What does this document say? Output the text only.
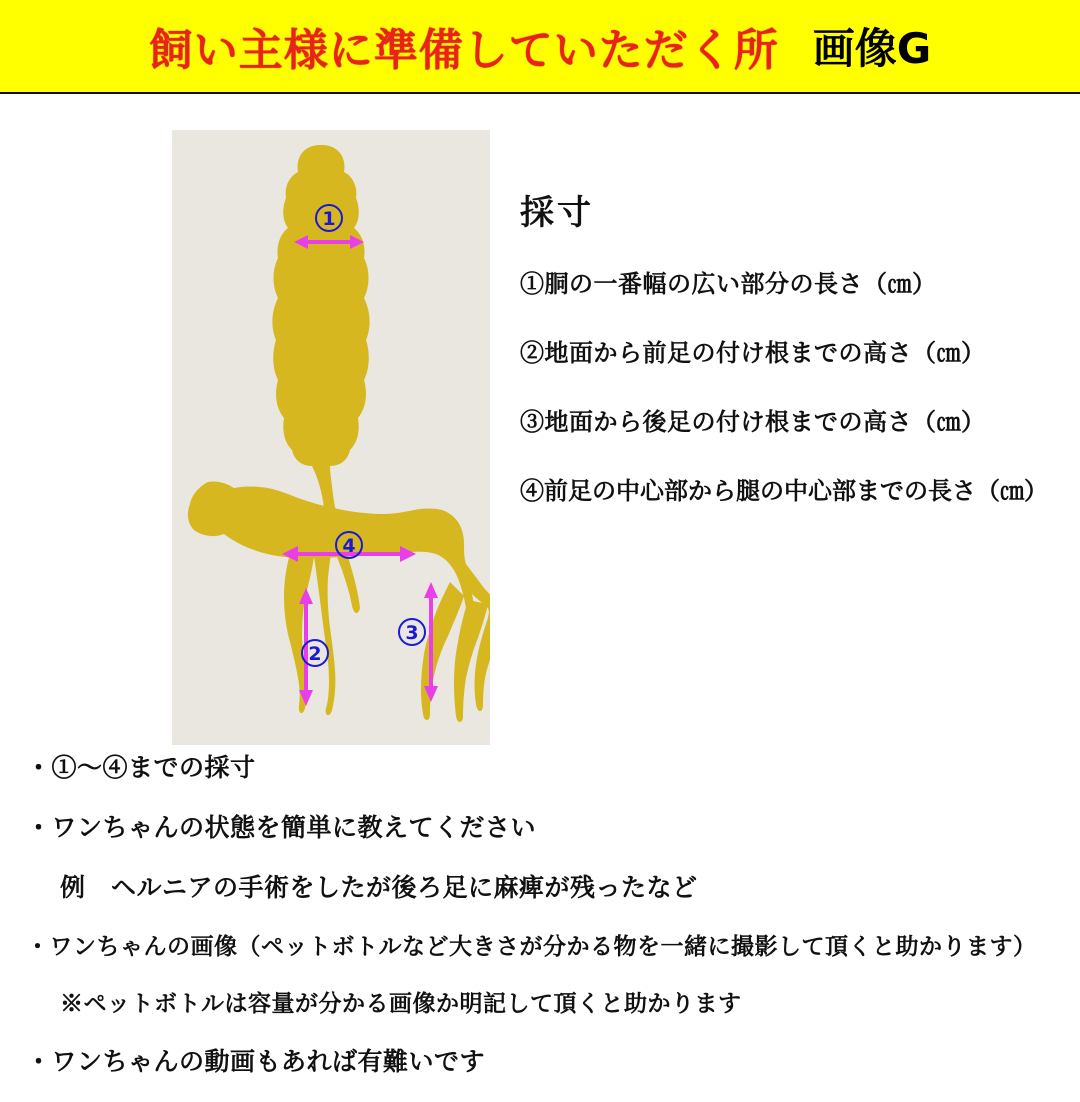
飼い主様に準備していただく所 画像G
1
4
2
3
採寸
①胴の一番幅の広い部分の長さ（㎝）
②地面から前足の付け根までの高さ（㎝）
③地面から後足の付け根までの高さ（㎝）
④前足の中心部から腿の中心部までの長さ（㎝）
・①〜④までの採寸
・ワンちゃんの状態を簡単に教えてください
例　ヘルニアの手術をしたが後ろ足に麻痺が残ったなど
・ワンちゃんの画像（ペットボトルなど大きさが分かる物を一緒に撮影して頂くと助かります）
※ペットボトルは容量が分かる画像か明記して頂くと助かります
・ワンちゃんの動画もあれば有難いです
